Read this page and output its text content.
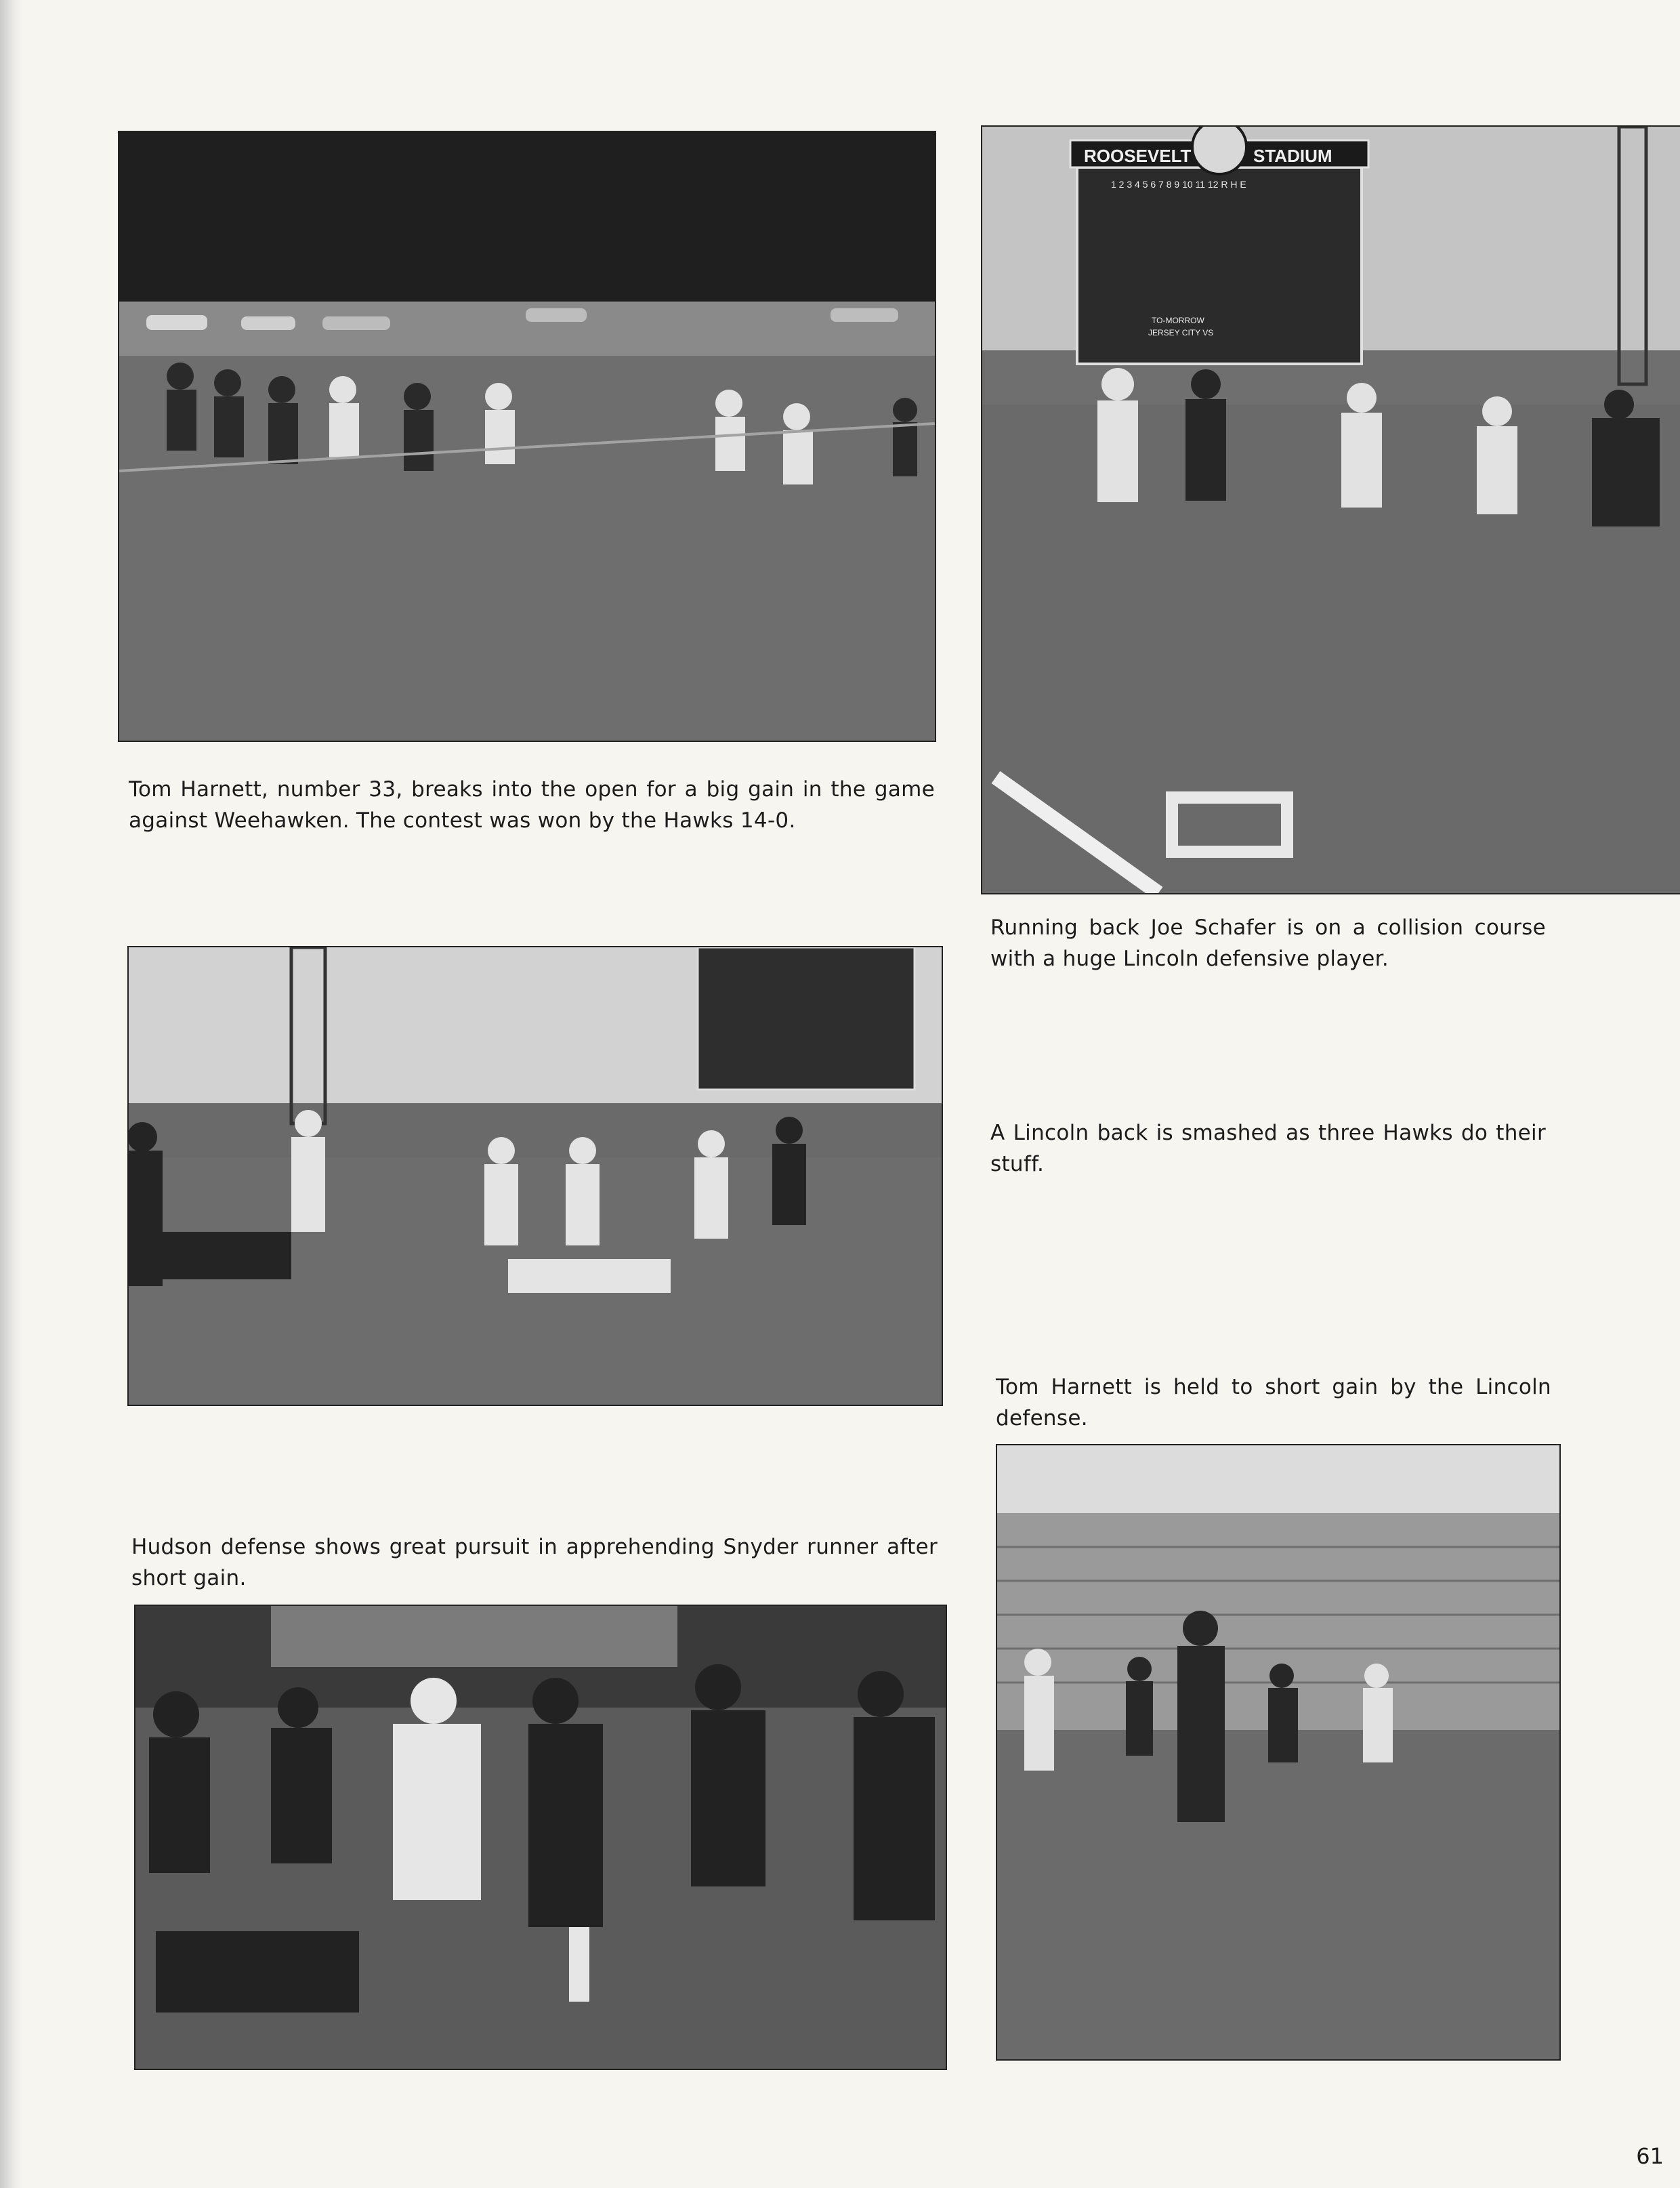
Tom Harnett, number 33, breaks into the open for a big gain in the game against Weehawken. The contest was won by the Hawks 14-0.

ROOSEVELT	STADIUM
1 2 3 4 5 6 7 8 9 10 11 12 R H E
TO-MORROW
JERSEY CITY VS

Running back Joe Schafer is on a collision course with a huge Lincoln defensive player.

A Lincoln back is smashed as three Hawks do their stuff.

Tom Harnett is held to short gain by the Lincoln defense.

Hudson defense shows great pursuit in apprehending Snyder runner after short gain.

61
